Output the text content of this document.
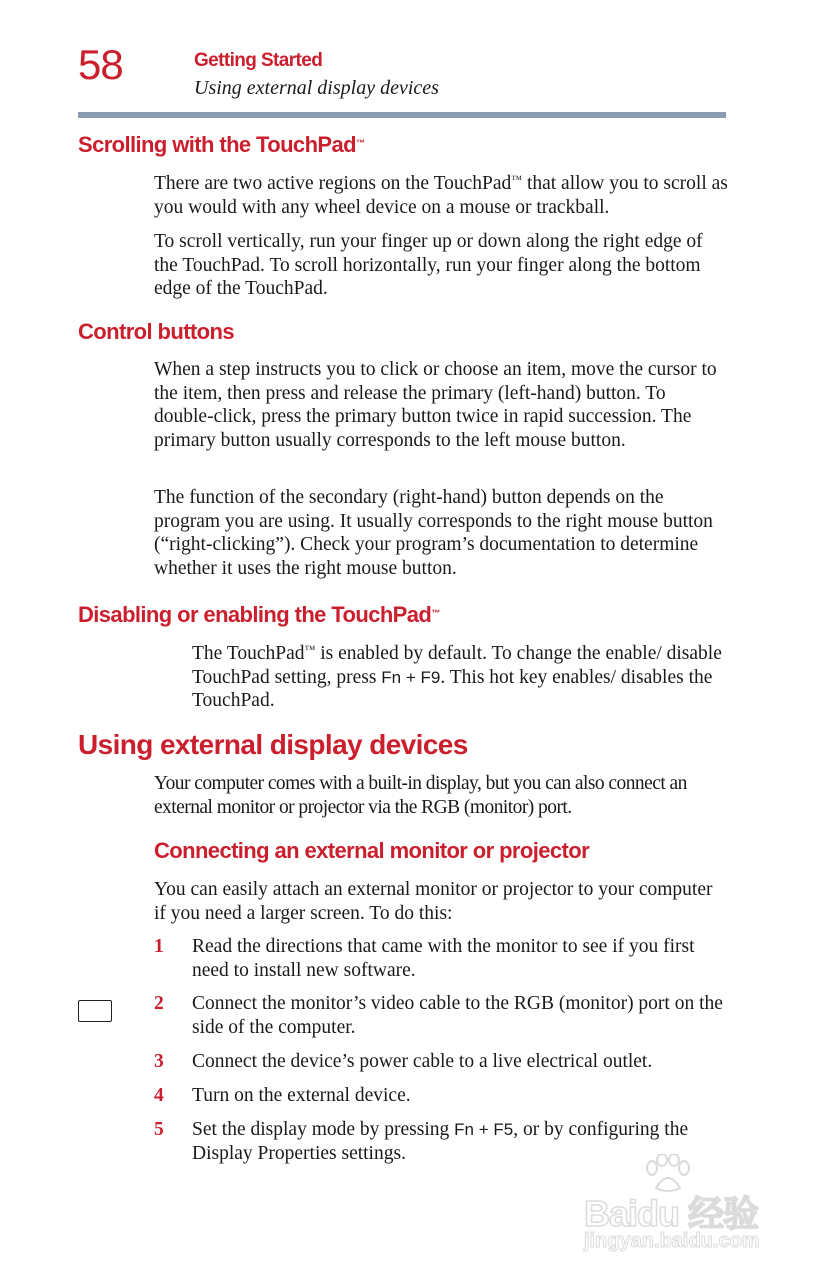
58	Getting Started
Using external display devices
Scrolling with the TouchPad™

There are two active regions on the TouchPad™ that allow you to scroll as you would with any wheel device on a mouse or trackball.

To scroll vertically, run your finger up or down along the right edge of the TouchPad. To scroll horizontally, run your finger along the bottom edge of the TouchPad.

Control buttons

When a step instructs you to click or choose an item, move the cursor to the item, then press and release the primary (left-hand) button. To double-click, press the primary button twice in rapid succession. The primary button usually corresponds to the left mouse button.

The function of the secondary (right-hand) button depends on the program you are using. It usually corresponds to the right mouse button (“right-clicking”). Check your program’s documentation to determine whether it uses the right mouse button.

Disabling or enabling the TouchPad™

The TouchPad™ is enabled by default. To change the enable/ disable TouchPad setting, press Fn + F9. This hot key enables/ disables the TouchPad.

Using external display devices

Your computer comes with a built-in display, but you can also connect an external monitor or projector via the RGB (monitor) port.

Connecting an external monitor or projector

You can easily attach an external monitor or projector to your computer if you need a larger screen. To do this:

1 Read the directions that came with the monitor to see if you first need to install new software.
2 Connect the monitor’s video cable to the RGB (monitor) port on the side of the computer.
3 Connect the device’s power cable to a live electrical outlet.
4 Turn on the external device.
5 Set the display mode by pressing Fn + F5, or by configuring the Display Properties settings.
Baidu 经验
jingyan.baidu.com
